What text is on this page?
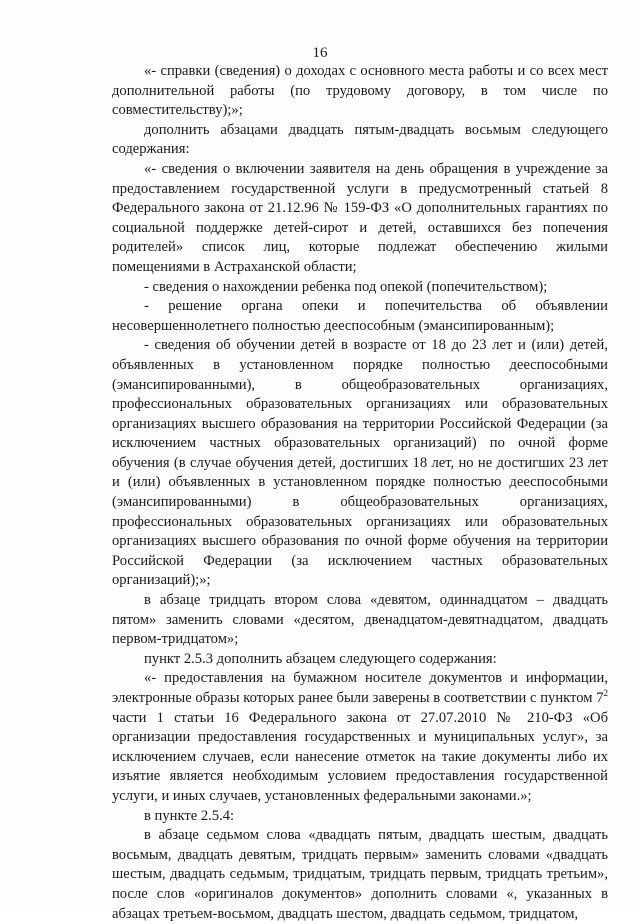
16

«- справки (сведения) о доходах с основного места работы и со всех мест дополнительной работы (по трудовому договору, в том числе по совместительству);»;

дополнить абзацами двадцать пятым-двадцать восьмым следующего содержания:

«- сведения о включении заявителя на день обращения в учреждение за предоставлением государственной услуги в предусмотренный статьей 8 Федерального закона от 21.12.96 № 159-ФЗ «О дополнительных гарантиях по социальной поддержке детей-сирот и детей, оставшихся без попечения родителей» список лиц, которые подлежат обеспечению жилыми помещениями в Астраханской области;

- сведения о нахождении ребенка под опекой (попечительством);

- решение органа опеки и попечительства об объявлении несовершеннолетнего полностью дееспособным (эмансипированным);

- сведения об обучении детей в возрасте от 18 до 23 лет и (или) детей, объявленных в установленном порядке полностью дееспособными (эмансипированными), в общеобразовательных организациях, профессиональных образовательных организациях или образовательных организациях высшего образования на территории Российской Федерации (за исключением частных образовательных организаций) по очной форме обучения (в случае обучения детей, достигших 18 лет, но не достигших 23 лет и (или) объявленных в установленном порядке полностью дееспособными (эмансипированными) в общеобразовательных организациях, профессиональных образовательных организациях или образовательных организациях высшего образования по очной форме обучения на территории Российской Федерации (за исключением частных образовательных организаций);»;

в абзаце тридцать втором слова «девятом, одиннадцатом – двадцать пятом» заменить словами «десятом, двенадцатом-девятнадцатом, двадцать первом-тридцатом»;

пункт 2.5.3 дополнить абзацем следующего содержания:

«- предоставления на бумажном носителе документов и информации, электронные образы которых ранее были заверены в соответствии с пунктом $7^2$ части 1 статьи 16 Федерального закона от 27.07.2010 № 210-ФЗ «Об организации предоставления государственных и муниципальных услуг», за исключением случаев, если нанесение отметок на такие документы либо их изъятие является необходимым условием предоставления государственной услуги, и иных случаев, установленных федеральными законами.»;

в пункте 2.5.4:

в абзаце седьмом слова «двадцать пятым, двадцать шестым, двадцать восьмым, двадцать девятым, тридцать первым» заменить словами «двадцать шестым, двадцать седьмым, тридцатым, тридцать первым, тридцать третьим», после слов «оригиналов документов» дополнить словами «, указанных в абзацах третьем-восьмом, двадцать шестом, двадцать седьмом, тридцатом,
